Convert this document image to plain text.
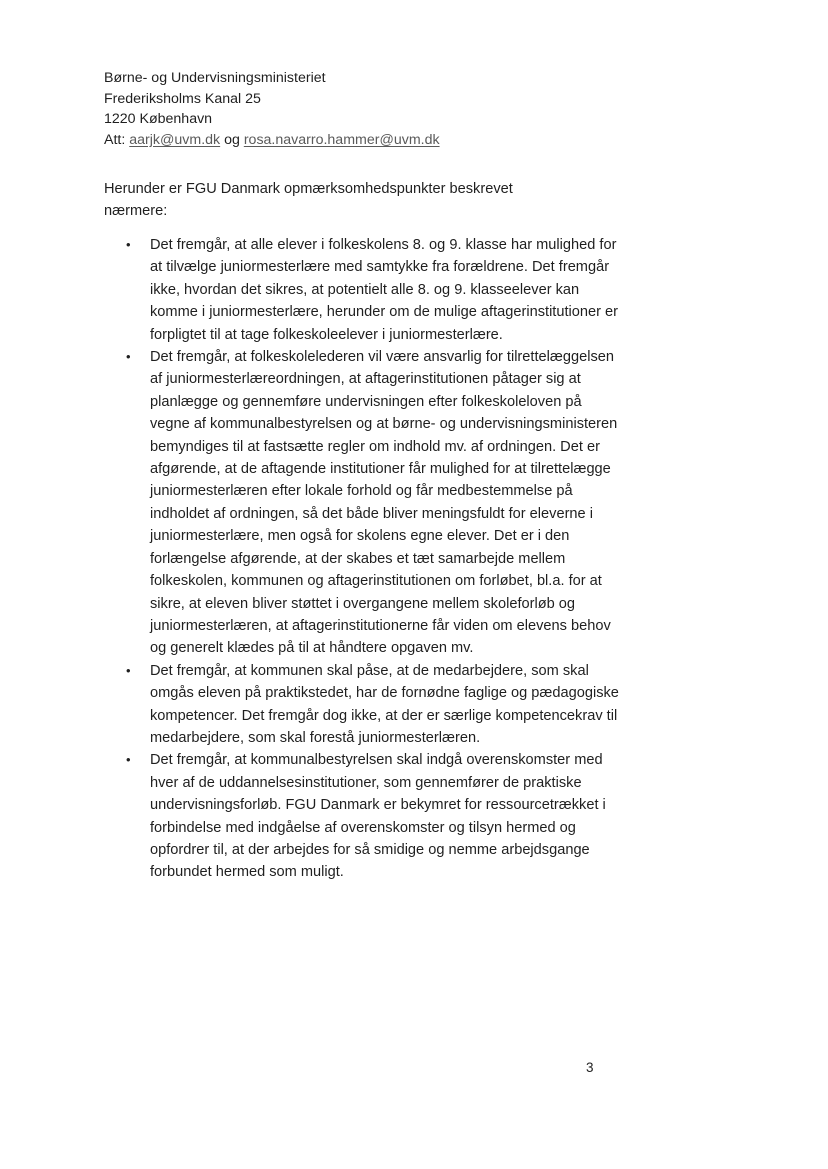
Børne- og Undervisningsministeriet
Frederiksholms Kanal 25
1220 København
Att: aarjk@uvm.dk og rosa.navarro.hammer@uvm.dk

Herunder er FGU Danmark opmærksomhedspunkter beskrevet nærmere:

•	Det fremgår, at alle elever i folkeskolens 8. og 9. klasse har mulighed for at tilvælge juniormesterlære med samtykke fra forældrene. Det fremgår ikke, hvordan det sikres, at potentielt alle 8. og 9. klasseelever kan komme i juniormesterlære, herunder om de mulige aftagerinstitutioner er forpligtet til at tage folkeskoleelever i juniormesterlære.
•	Det fremgår, at folkeskolelederen vil være ansvarlig for tilrettelæggelsen af juniormesterlæreordningen, at aftagerinstitutionen påtager sig at planlægge og gennemføre undervisningen efter folkeskoleloven på vegne af kommunalbestyrelsen og at børne- og undervisningsministeren bemyndiges til at fastsætte regler om indhold mv. af ordningen. Det er afgørende, at de aftagende institutioner får mulighed for at tilrettelægge juniormesterlæren efter lokale forhold og får medbestemmelse på indholdet af ordningen, så det både bliver meningsfuldt for eleverne i juniormesterlære, men også for skolens egne elever. Det er i den forlængelse afgørende, at der skabes et tæt samarbejde mellem folkeskolen, kommunen og aftagerinstitutionen om forløbet, bl.a. for at sikre, at eleven bliver støttet i overgangene mellem skoleforløb og juniormesterlæren, at aftagerinstitutionerne får viden om elevens behov og generelt klædes på til at håndtere opgaven mv.
•	Det fremgår, at kommunen skal påse, at de medarbejdere, som skal omgås eleven på praktikstedet, har de fornødne faglige og pædagogiske kompetencer. Det fremgår dog ikke, at der er særlige kompetencekrav til medarbejdere, som skal forestå juniormesterlæren.
•	Det fremgår, at kommunalbestyrelsen skal indgå overenskomster med hver af de uddannelsesinstitutioner, som gennemfører de praktiske undervisningsforløb. FGU Danmark er bekymret for ressourcetrækket i forbindelse med indgåelse af overenskomster og tilsyn hermed og opfordrer til, at der arbejdes for så smidige og nemme arbejdsgange forbundet hermed som muligt.
3
